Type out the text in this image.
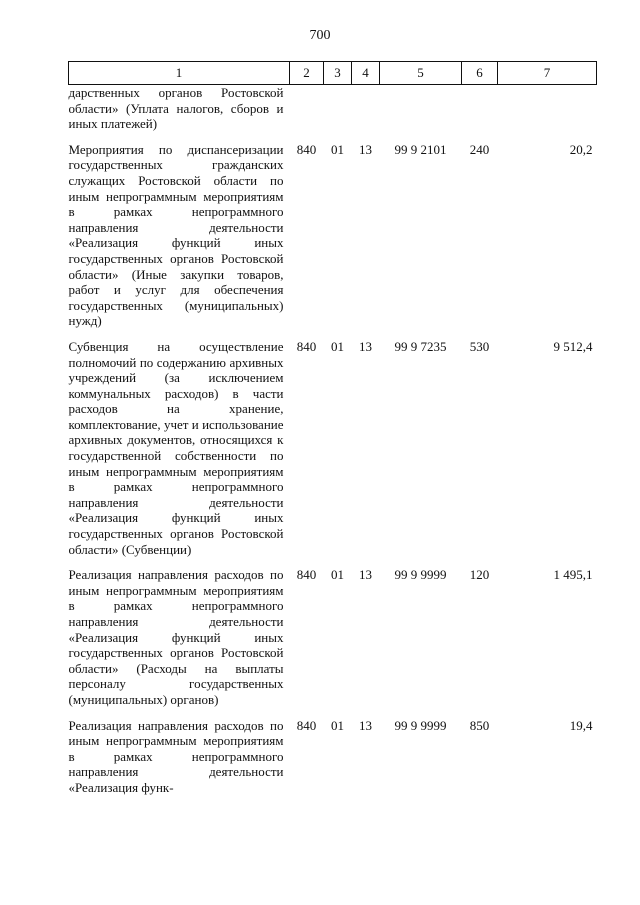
700
1	2	3	4	5	6	7
дарственных органов Ростовской области» (Уплата налогов, сборов и иных платежей)						
Мероприятия по диспансеризации государственных гражданских служащих Ростовской области по иным непрограммным мероприятиям в рамках непрограммного направления деятельности «Реализация функций иных государственных органов Ростовской области» (Иные закупки товаров, работ и услуг для обеспечения государственных (муниципальных) нужд)	840	01	13	99 9 2101	240	20,2
Субвенция на осуществление полномочий по содержанию архивных учреждений (за исключением коммунальных расходов) в части расходов на хранение, комплектование, учет и использование архивных документов, относящихся к государственной собственности по иным непрограммным мероприятиям в рамках непрограммного направления деятельности «Реализация функций иных государственных органов Ростовской области» (Субвенции)	840	01	13	99 9 7235	530	9 512,4
Реализация направления расходов по иным непрограммным мероприятиям в рамках непрограммного направления деятельности «Реализация функций иных государственных органов Ростовской области» (Расходы на выплаты персоналу государственных (муниципальных) органов)	840	01	13	99 9 9999	120	1 495,1
Реализация направления расходов по иным непрограммным мероприятиям в рамках непрограммного направления деятельности «Реализация функ-	840	01	13	99 9 9999	850	19,4
